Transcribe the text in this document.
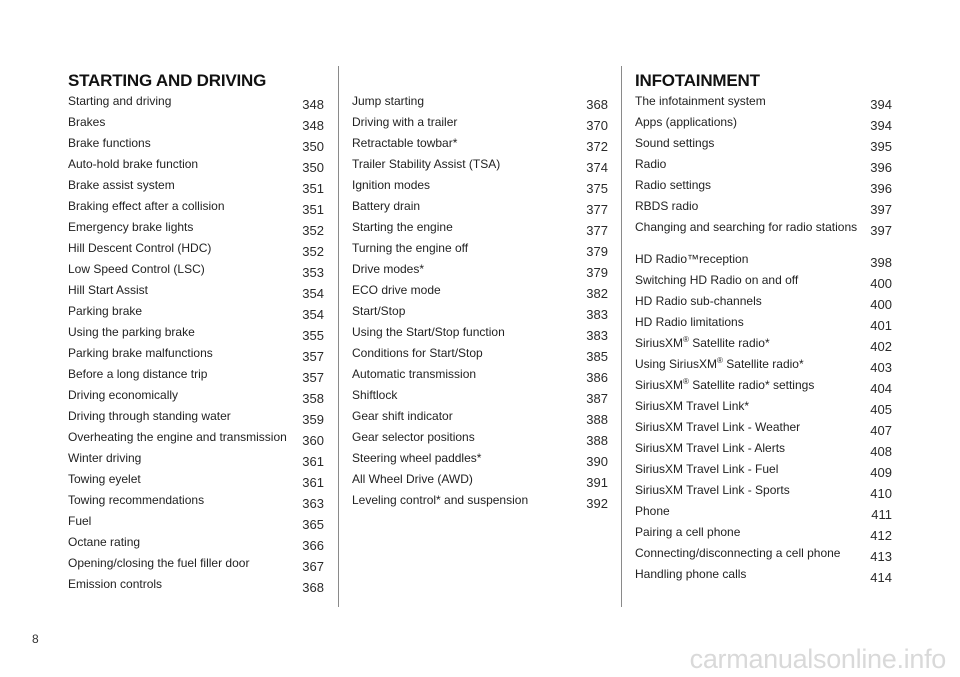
STARTING AND DRIVING
Starting and driving	348
Brakes	348
Brake functions	350
Auto-hold brake function	350
Brake assist system	351
Braking effect after a collision	351
Emergency brake lights	352
Hill Descent Control (HDC)	352
Low Speed Control (LSC)	353
Hill Start Assist	354
Parking brake	354
Using the parking brake	355
Parking brake malfunctions	357
Before a long distance trip	357
Driving economically	358
Driving through standing water	359
Overheating the engine and transmission	360
Winter driving	361
Towing eyelet	361
Towing recommendations	363
Fuel	365
Octane rating	366
Opening/closing the fuel filler door	367
Emission controls	368
Jump starting	368
Driving with a trailer	370
Retractable towbar*	372
Trailer Stability Assist (TSA)	374
Ignition modes	375
Battery drain	377
Starting the engine	377
Turning the engine off	379
Drive modes*	379
ECO drive mode	382
Start/Stop	383
Using the Start/Stop function	383
Conditions for Start/Stop	385
Automatic transmission	386
Shiftlock	387
Gear shift indicator	388
Gear selector positions	388
Steering wheel paddles*	390
All Wheel Drive (AWD)	391
Leveling control* and suspension	392
INFOTAINMENT
The infotainment system	394
Apps (applications)	394
Sound settings	395
Radio	396
Radio settings	396
RBDS radio	397
Changing and searching for radio stations	397
HD Radio™reception	398
Switching HD Radio on and off	400
HD Radio sub-channels	400
HD Radio limitations	401
SiriusXM® Satellite radio*	402
Using SiriusXM® Satellite radio*	403
SiriusXM® Satellite radio* settings	404
SiriusXM Travel Link*	405
SiriusXM Travel Link - Weather	407
SiriusXM Travel Link - Alerts	408
SiriusXM Travel Link - Fuel	409
SiriusXM Travel Link - Sports	410
Phone	411
Pairing a cell phone	412
Connecting/disconnecting a cell phone	413
Handling phone calls	414
8
carmanualsonline.info
